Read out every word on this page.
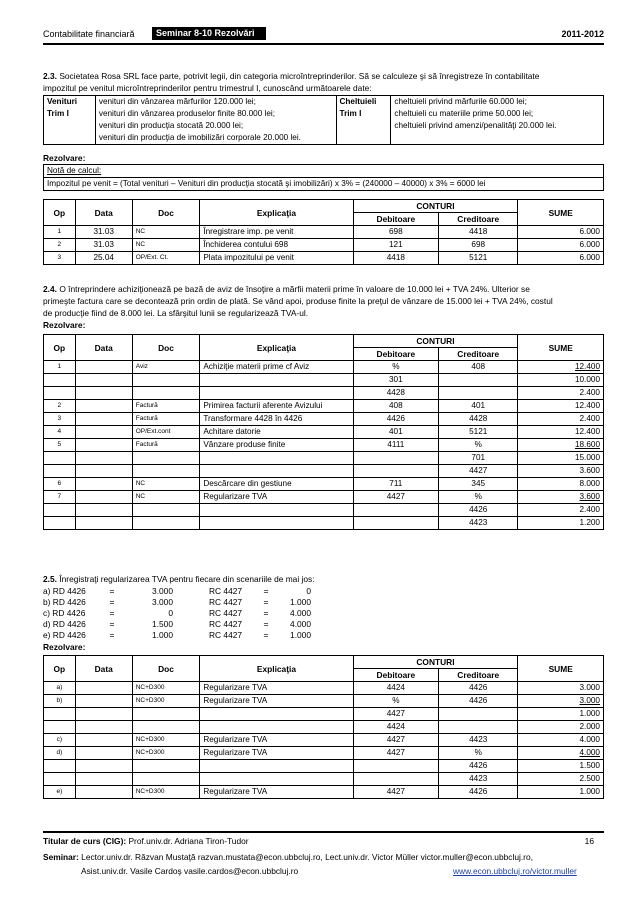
Contabilitate financiară	Seminar 8-10 Rezolvări	2011-2012
2.3. Societatea Rosa SRL face parte, potrivit legii, din categoria microîntreprinderilor. Să se calculeze şi să înregistreze în contabilitate
impozitul pe venitul microîntreprinderilor pentru trimestrul I, cunoscând următoarele date:
Venituri	venituri din vânzarea mărfurilor 120.000 lei;	Cheltuieli	cheltuieli privind mărfurile 60.000 lei;
Trim I	venituri din vânzarea produselor finite 80.000 lei;	Trim I	cheltuieli cu materiile prime 50.000 lei;
	venituri din producţia stocată 20.000 lei;		cheltuieli privind amenzi/penalităţi 20.000 lei.
	venituri din producţia de imobilizări corporale 20.000 lei.		
Rezolvare:
Notă de calcul:
Impozitul pe venit = (Total venituri – Venituri din producţia stocată şi imobilizări) x 3% = (240000 – 40000) x 3% = 6000 lei
Op	Data	Doc	Explicaţia	CONTURI		SUME
				Debitoare	Creditoare	
1	31.03	NC	Înregistrare imp. pe venit	698	4418	6.000
2	31.03	NC	Închiderea contului 698	121	698	6.000
3	25.04	OP/Ext. Ct.	Plata impozitului pe venit	4418	5121	6.000
2.4. O întreprindere achiziţionează pe bază de aviz de însoţire a mărfii materii prime în valoare de 10.000 lei + TVA 24%. Ulterior se
primeşte factura care se decontează prin ordin de plată. Se vând apoi, produse finite la preţul de vânzare de 15.000 lei + TVA 24%, costul
de producţie fiind de 8.000 lei. La sfârşitul lunii se regularizează TVA-ul.
Rezolvare:
Op	Data	Doc	Explicaţia	CONTURI		SUME
				Debitoare	Creditoare	
1		Aviz	Achiziţie materii prime cf Aviz	%	408	12.400
				301		10.000
				4428		2.400
2		Factură	Primirea facturii aferente Avizului	408	401	12.400
3		Factură	Transformare 4428 în 4426	4426	4428	2.400
4		OP/Ext.cont	Achitare datorie	401	5121	12.400
5		Factură	Vânzare produse finite	4111	%	18.600
					701	15.000
					4427	3.600
6		NC	Descărcare din gestiune	711	345	8.000
7		NC	Regularizare TVA	4427	%	3.600
					4426	2.400
					4423	1.200
2.5. Înregistraţi regularizarea TVA pentru fiecare din scenariile de mai jos:
a) RD 4426	=	3.000		RC 4427	=	0
b) RD 4426	=	3.000		RC 4427	=	1.000
c) RD 4426	=	0		RC 4427	=	4.000
d) RD 4426	=	1.500		RC 4427	=	4.000
e) RD 4426	=	1.000		RC 4427	=	1.000
Rezolvare:
Op	Data	Doc	Explicaţia	CONTURI		SUME
				Debitoare	Creditoare	
a)		NC+D300	Regularizare TVA	4424	4426	3.000
b)		NC+D300	Regularizare TVA	%	4426	3.000
				4427		1.000
				4424		2.000
c)		NC+D300	Regularizare TVA	4427	4423	4.000
d)		NC+D300	Regularizare TVA	4427	%	4.000
					4426	1.500
					4423	2.500
e)		NC+D300	Regularizare TVA	4427	4426	1.000
Titular de curs (CIG): Prof.univ.dr. Adriana Tiron-Tudor	16
Seminar: Lector.univ.dr. Răzvan Mustaţă razvan.mustata@econ.ubbcluj.ro, Lect.univ.dr. Victor Müller victor.muller@econ.ubbcluj.ro,
Asist.univ.dr. Vasile Cardoş vasile.cardos@econ.ubbcluj.ro	www.econ.ubbcluj.ro/victor.muller
